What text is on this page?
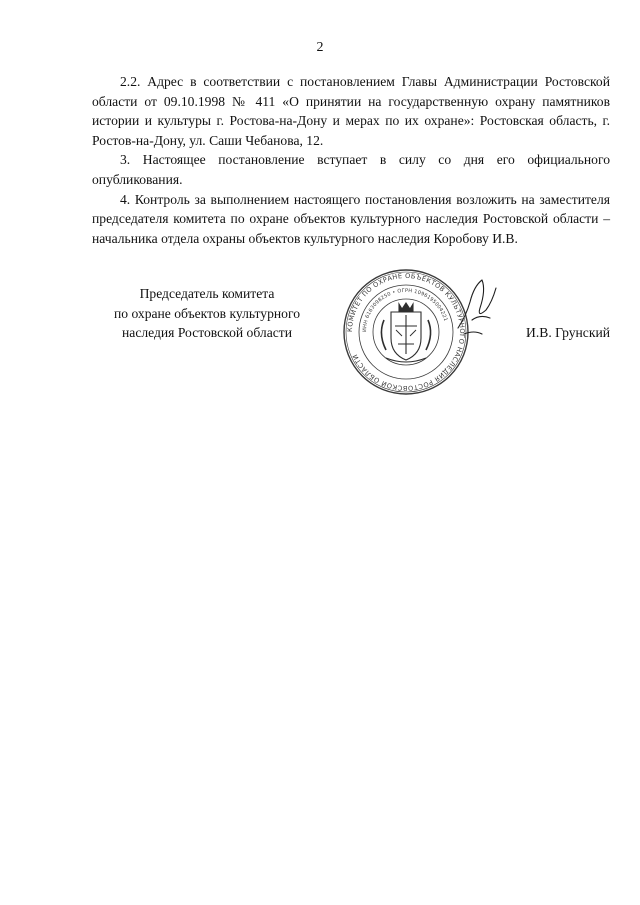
2

2.2. Адрес в соответствии с постановлением Главы Администрации Ростовской области от 09.10.1998 № 411 «О принятии на государственную охрану памятников истории и культуры г. Ростова-на-Дону и мерах по их охране»: Ростовская область, г. Ростов-на-Дону, ул. Саши Чебанова, 12.

3. Настоящее постановление вступает в силу со дня его официального опубликования.

4. Контроль за выполнением настоящего постановления возложить на заместителя председателя комитета по охране объектов культурного наследия Ростовской области – начальника отдела охраны объектов культурного наследия Коробову И.В.

Председатель комитета
по охране объектов культурного
наследия Ростовской области	КОМИТЕТ ПО ОХРАНЕ ОБЪЕКТОВ КУЛЬТУРНОГО НАСЛЕДИЯ РОСТОВСКОЙ ОБЛАСТИ
ИНН 6163098250 • ОГРН 1096195004221
И.В. Грунский
